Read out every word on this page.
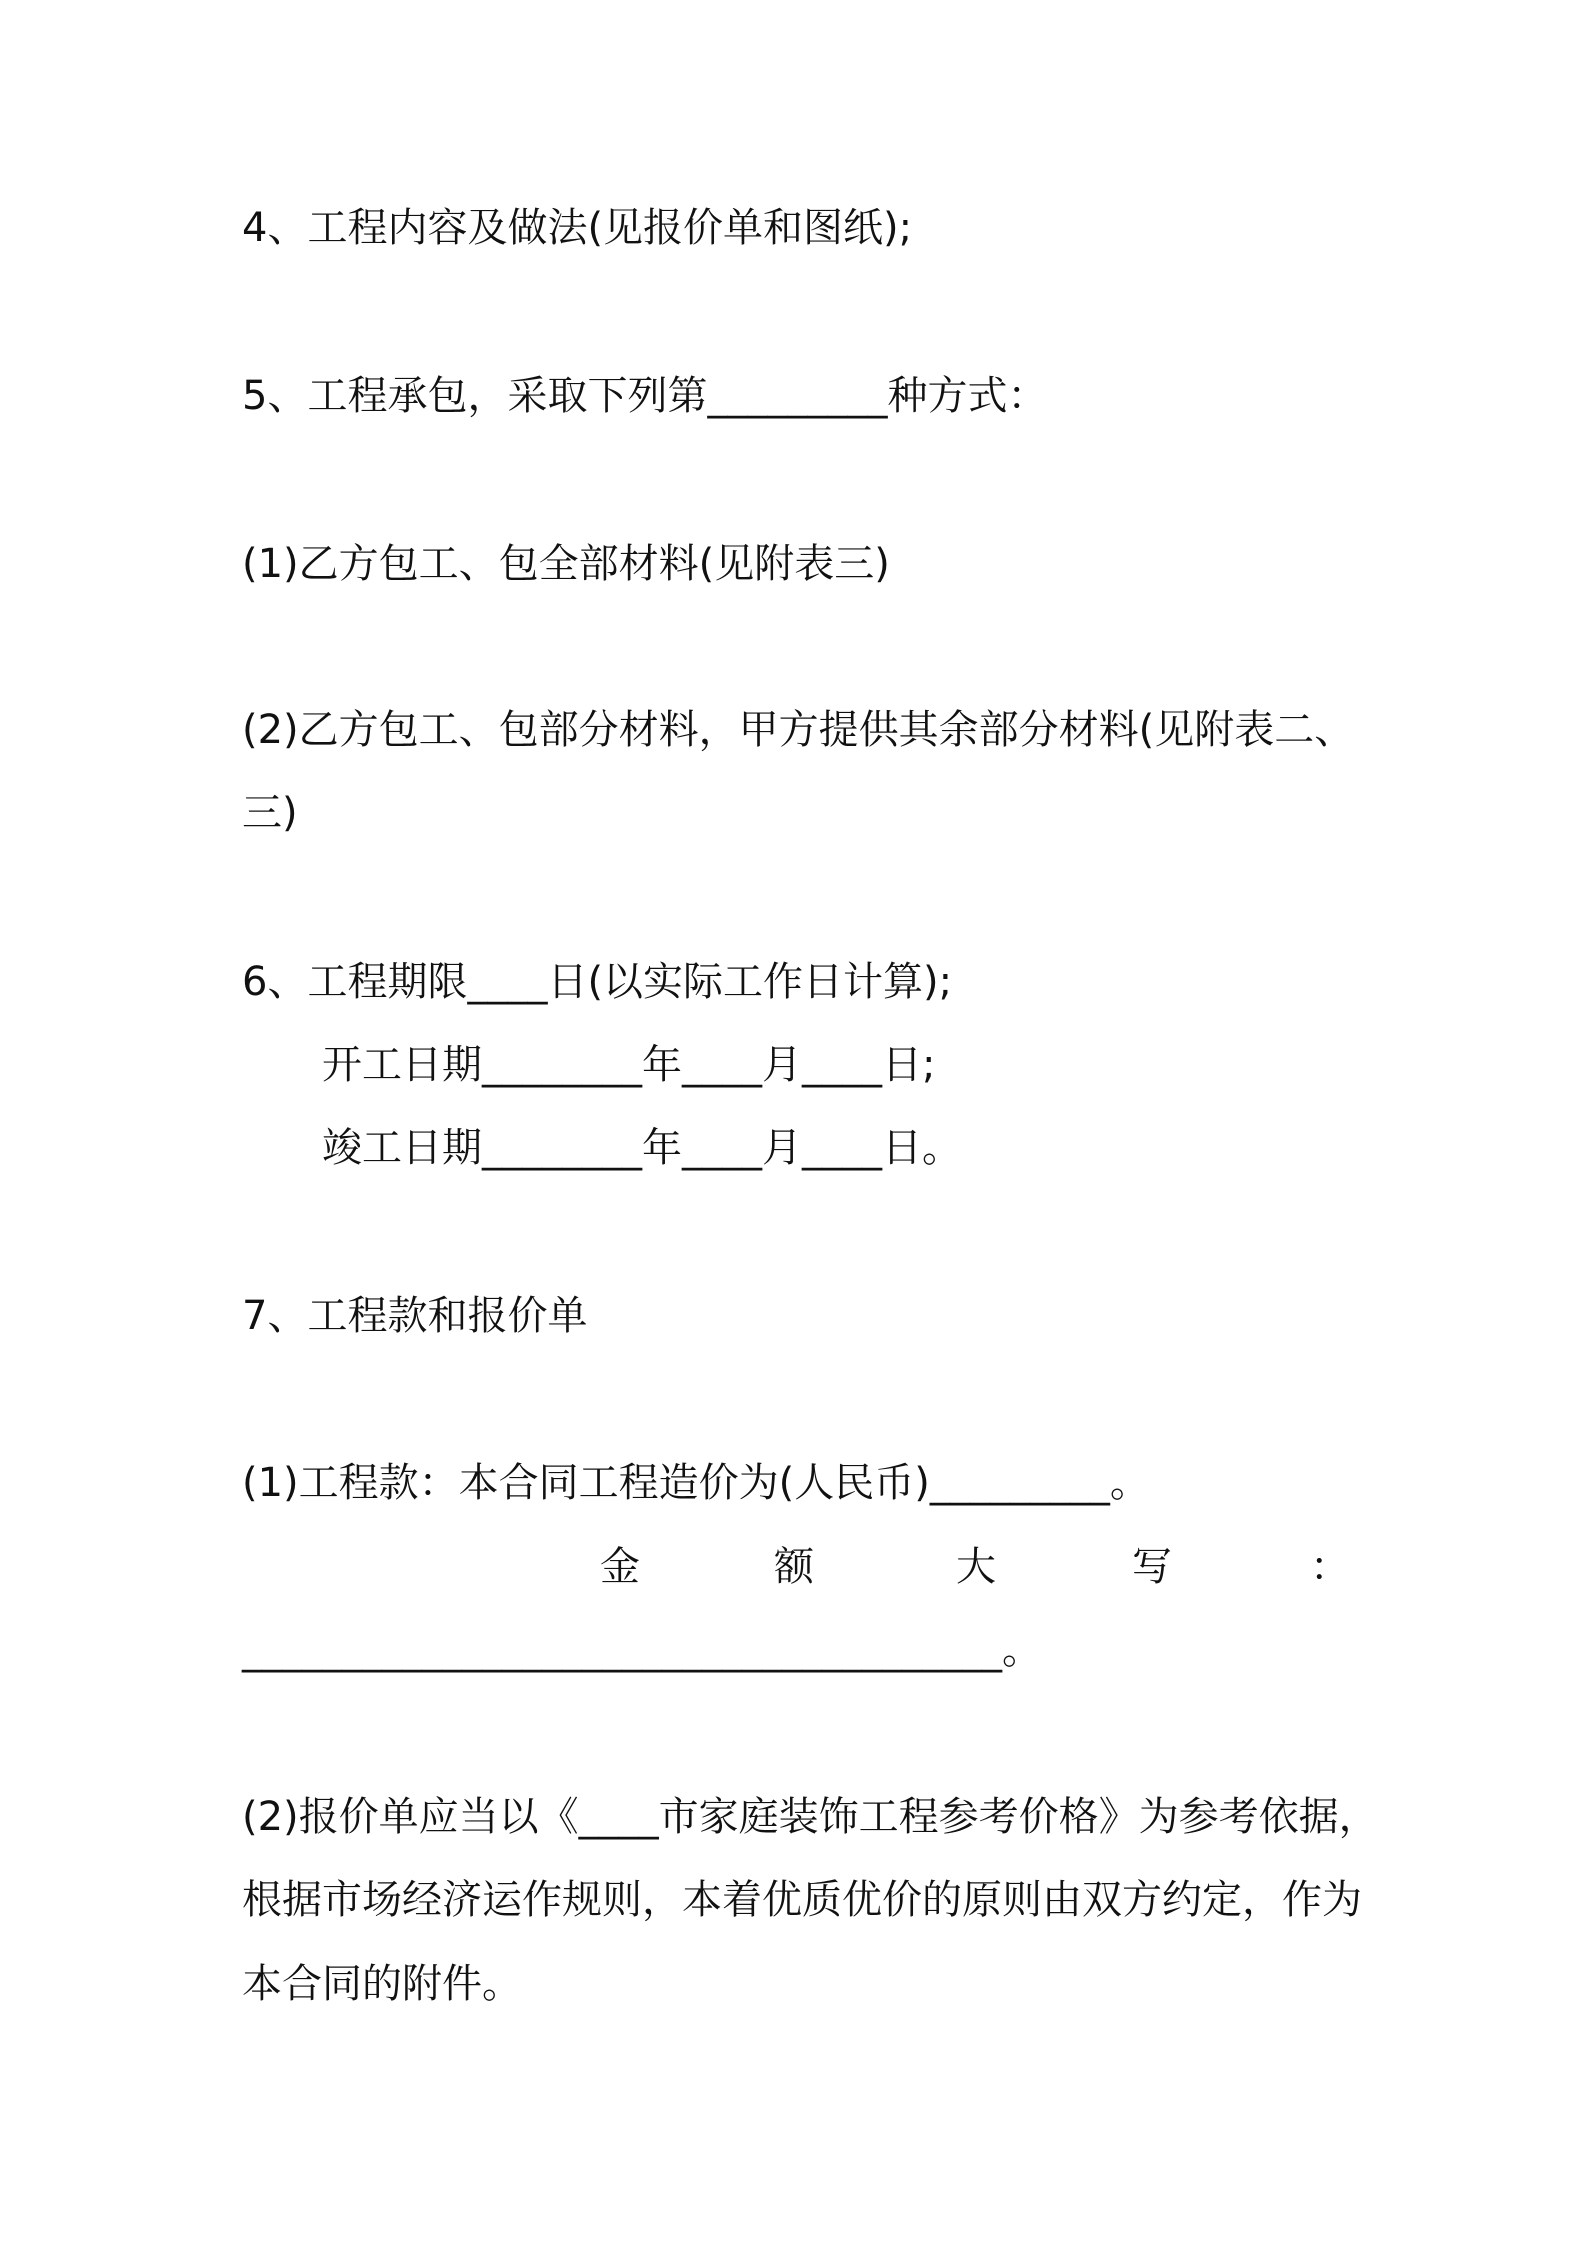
4、工程内容及做法(见报价单和图纸);
5、工程承包，采取下列第_________种方式：
(1)乙方包工、包全部材料(见附表三)
(2)乙方包工、包部分材料，甲方提供其余部分材料(见附表二、
三)
6、工程期限____日(以实际工作日计算);
开工日期________年____月____日;
竣工日期________年____月____日。
7、工程款和报价单
(1)工程款：本合同工程造价为(人民币)_________。
金	额	大	写	：
______________________________________。
(2)报价单应当以《____市家庭装饰工程参考价格》为参考依据，
根据市场经济运作规则，本着优质优价的原则由双方约定，作为
本合同的附件。
